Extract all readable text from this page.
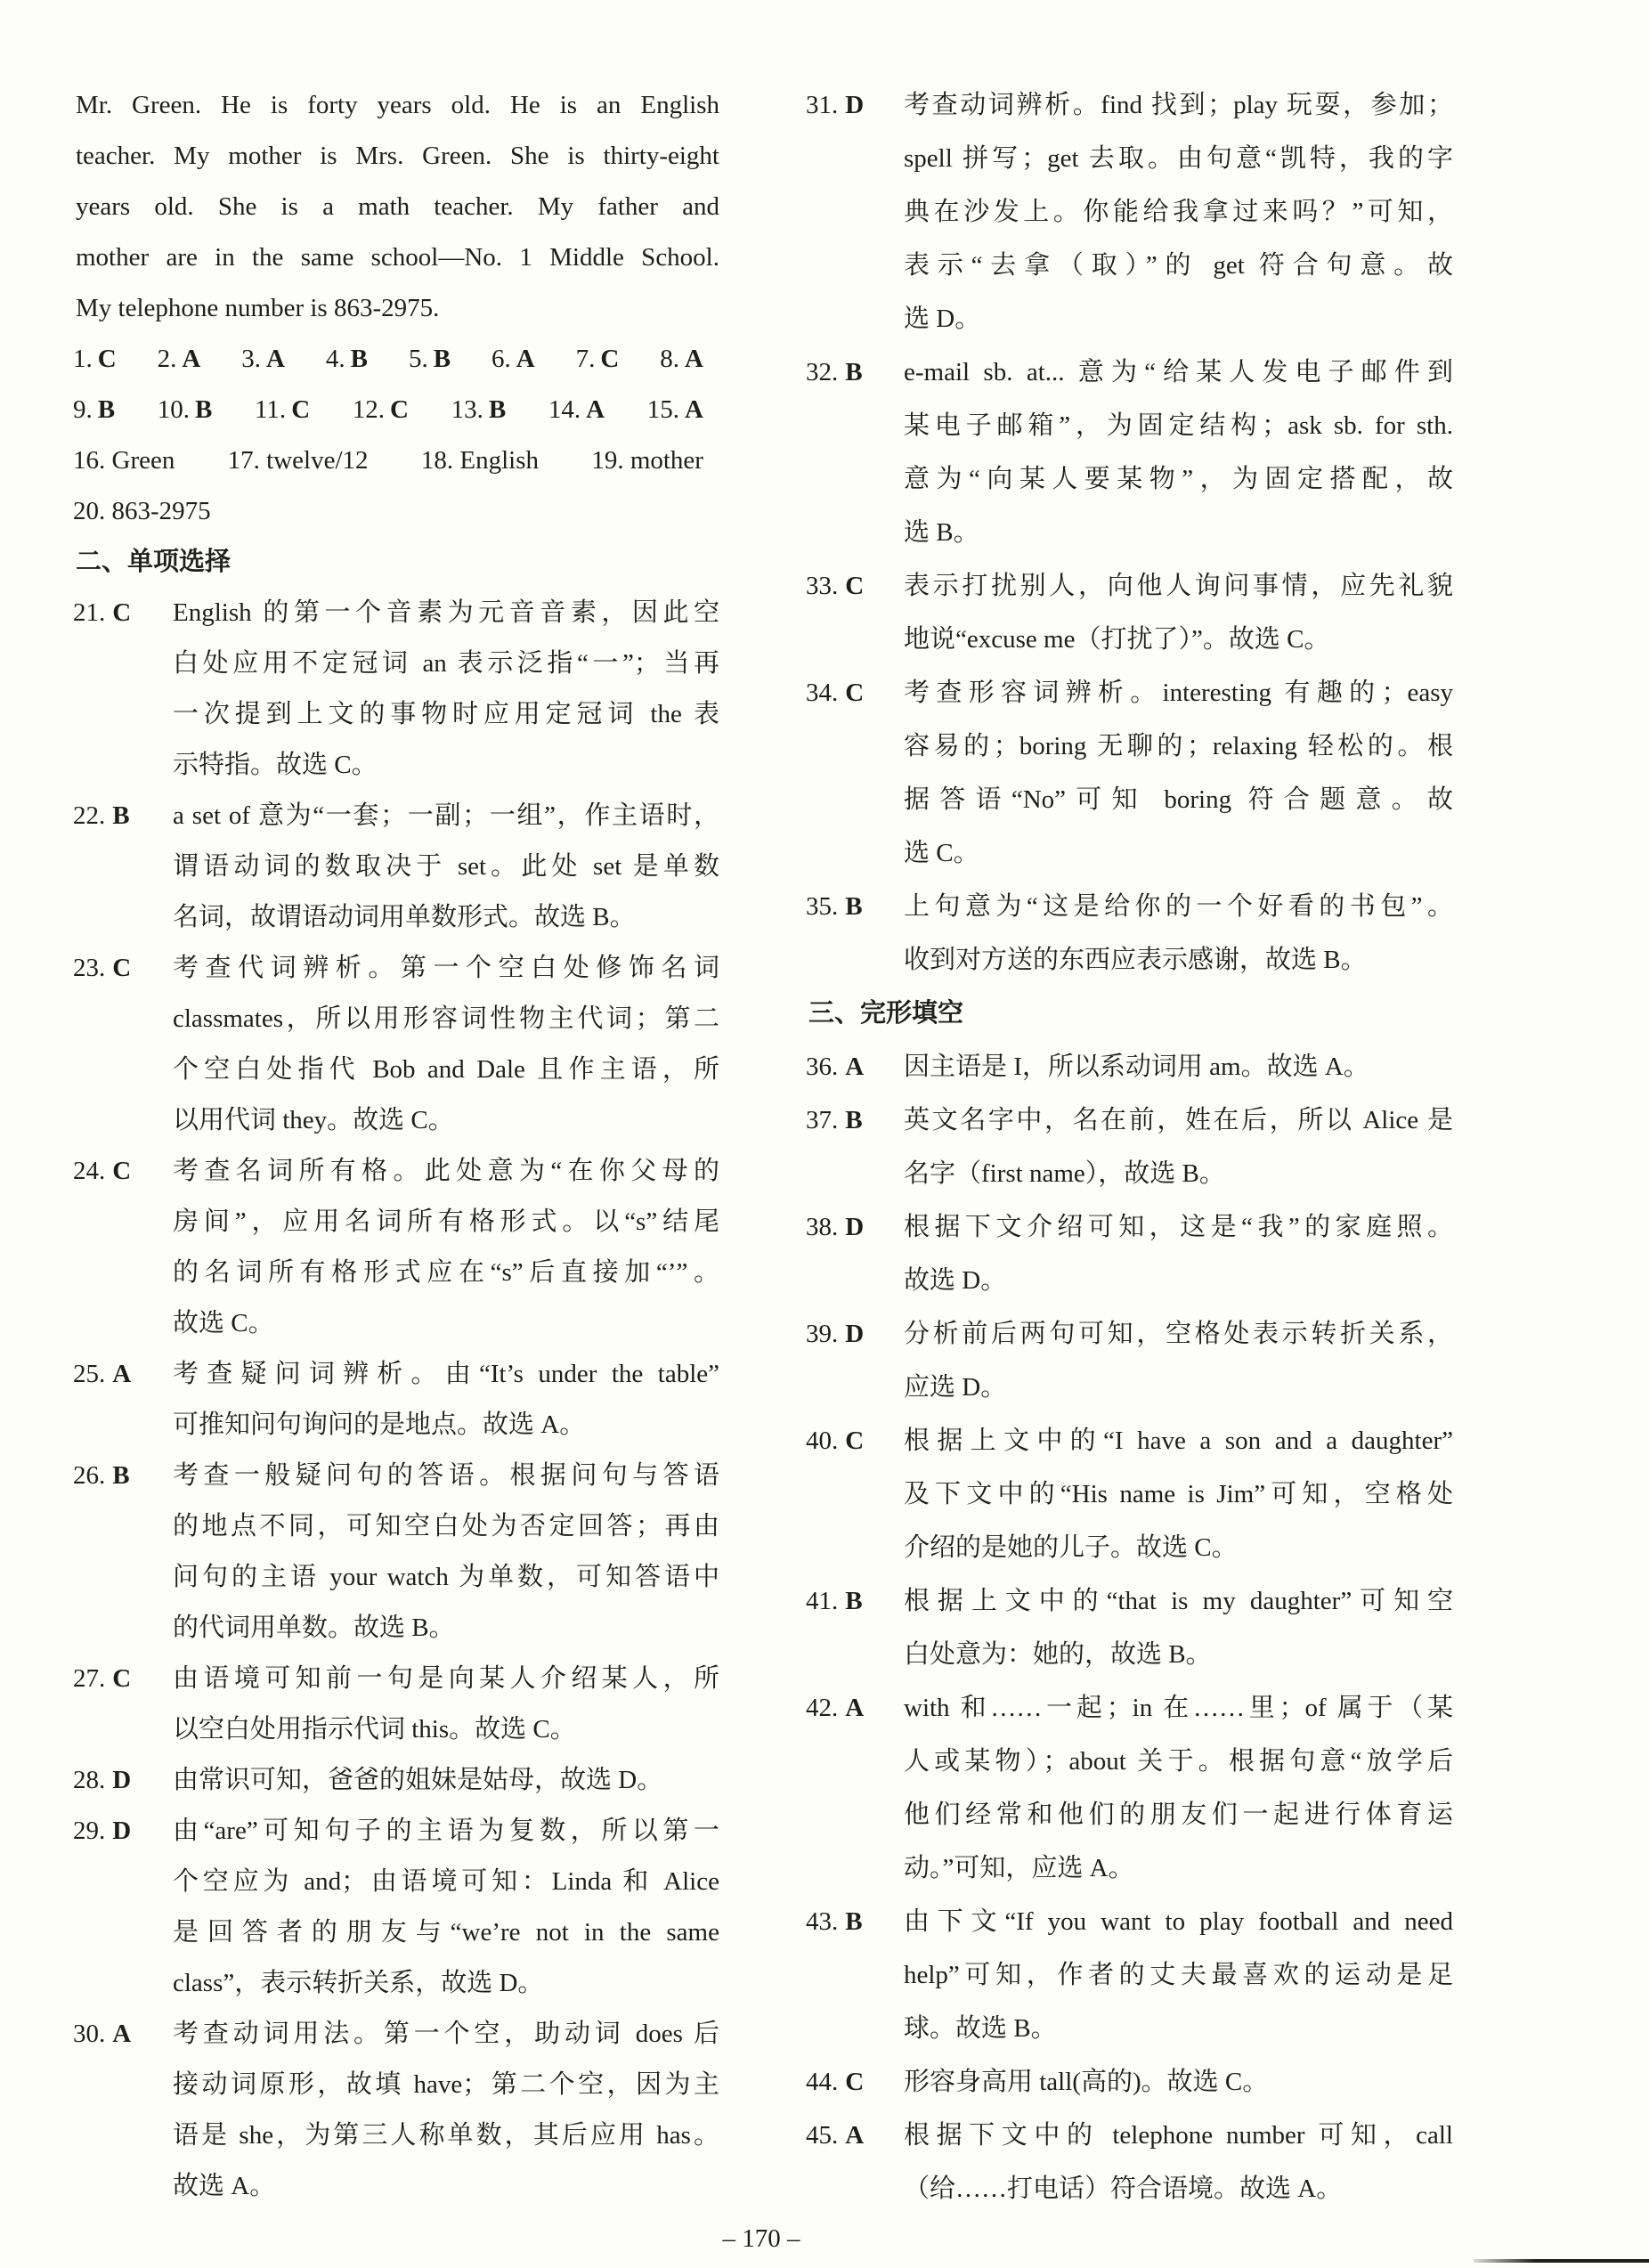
Mr. Green. He is forty years old. He is an English
teacher. My mother is Mrs. Green. She is thirty-eight
years old. She is a math teacher. My father and
mother are in the same school—No. 1 Middle School.
My telephone number is 863-2975.
1. C 2. A 3. A 4. B 5. B 6. A 7. C 8. A
9. B 10. B 11. C 12. C 13. B 14. A 15. A
16. Green 17. twelve/12 18. English 19. mother
20. 863-2975
二、单项选择
21. C English 的第一个音素为元音音素，因此空
白处应用不定冠词 an 表示泛指“一”；当再
一次提到上文的事物时应用定冠词 the 表
示特指。故选 C。
22. B a set of 意为“一套；一副；一组”，作主语时，
谓语动词的数取决于 set。此处 set 是单数
名词，故谓语动词用单数形式。故选 B。
23. C 考查代词辨析。第一个空白处修饰名词
classmates，所以用形容词性物主代词；第二
个空白处指代 Bob and Dale 且作主语，所
以用代词 they。故选 C。
24. C 考查名词所有格。此处意为“在你父母的
房间”，应用名词所有格形式。以“s”结尾
的名词所有格形式应在“s”后直接加“’”。
故选 C。
25. A 考查疑问词辨析。由“It’s under the table”
可推知问句询问的是地点。故选 A。
26. B 考查一般疑问句的答语。根据问句与答语
的地点不同，可知空白处为否定回答；再由
问句的主语 your watch 为单数，可知答语中
的代词用单数。故选 B。
27. C 由语境可知前一句是向某人介绍某人，所
以空白处用指示代词 this。故选 C。
28. D 由常识可知，爸爸的姐妹是姑母，故选 D。
29. D 由“are”可知句子的主语为复数，所以第一
个空应为 and；由语境可知：Linda 和 Alice
是回答者的朋友与“we’re not in the same
class”，表示转折关系，故选 D。
30. A 考查动词用法。第一个空，助动词 does 后
接动词原形，故填 have；第二个空，因为主
语是 she，为第三人称单数，其后应用 has。
故选 A。
31. D 考查动词辨析。find 找到；play 玩耍，参加；
spell 拼写；get 去取。由句意“凯特，我的字
典在沙发上。你能给我拿过来吗？”可知，
表示“去拿（取）”的 get 符合句意。故
选 D。
32. B e-mail sb. at... 意为“给某人发电子邮件到
某电子邮箱”，为固定结构；ask sb. for sth.
意为“向某人要某物”，为固定搭配，故
选 B。
33. C 表示打扰别人，向他人询问事情，应先礼貌
地说“excuse me（打扰了）”。故选 C。
34. C 考查形容词辨析。interesting 有趣的；easy
容易的；boring 无聊的；relaxing 轻松的。根
据答语“No”可知 boring 符合题意。故
选 C。
35. B 上句意为“这是给你的一个好看的书包”。
收到对方送的东西应表示感谢，故选 B。
三、完形填空
36. A 因主语是 I，所以系动词用 am。故选 A。
37. B 英文名字中，名在前，姓在后，所以 Alice 是
名字（first name），故选 B。
38. D 根据下文介绍可知，这是“我”的家庭照。
故选 D。
39. D 分析前后两句可知，空格处表示转折关系，
应选 D。
40. C 根据上文中的“I have a son and a daughter”
及下文中的“His name is Jim”可知，空格处
介绍的是她的儿子。故选 C。
41. B 根据上文中的“that is my daughter”可知空
白处意为：她的，故选 B。
42. A with 和……一起；in 在……里；of 属于（某
人或某物）；about 关于。根据句意“放学后
他们经常和他们的朋友们一起进行体育运
动。”可知，应选 A。
43. B 由下文“If you want to play football and need
help”可知，作者的丈夫最喜欢的运动是足
球。故选 B。
44. C 形容身高用 tall(高的)。故选 C。
45. A 根据下文中的 telephone number 可知，call
（给……打电话）符合语境。故选 A。
– 170 –
